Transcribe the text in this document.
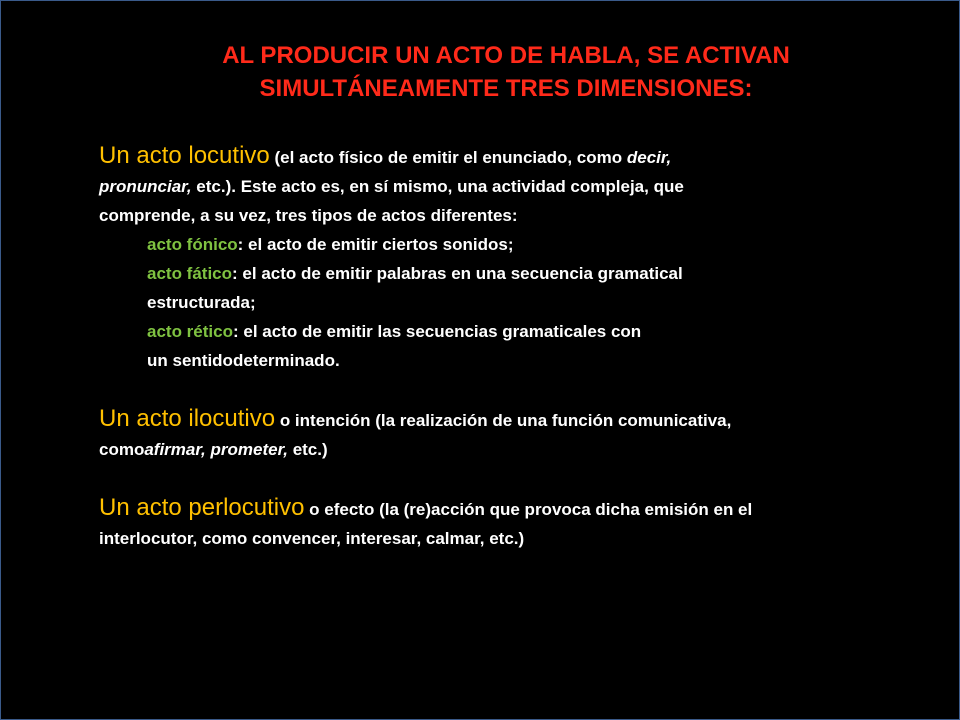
AL PRODUCIR UN ACTO DE HABLA, SE ACTIVAN
SIMULTÁNEAMENTE TRES DIMENSIONES:
Un acto locutivo (el acto físico de emitir el enunciado, como decir,
pronunciar, etc.). Este acto es, en sí mismo, una actividad compleja, que
comprende, a su vez, tres tipos de actos diferentes:
acto fónico: el acto de emitir ciertos sonidos;
acto fático: el acto de emitir palabras en una secuencia gramatical
estructurada;
acto rético: el acto de emitir las secuencias gramaticales con
un sentidodeterminado.
Un acto ilocutivo o intención (la realización de una función comunicativa,
comoafirmar, prometer, etc.)
Un acto perlocutivo o efecto (la (re)acción que provoca dicha emisión en el
interlocutor, como convencer, interesar, calmar, etc.)
